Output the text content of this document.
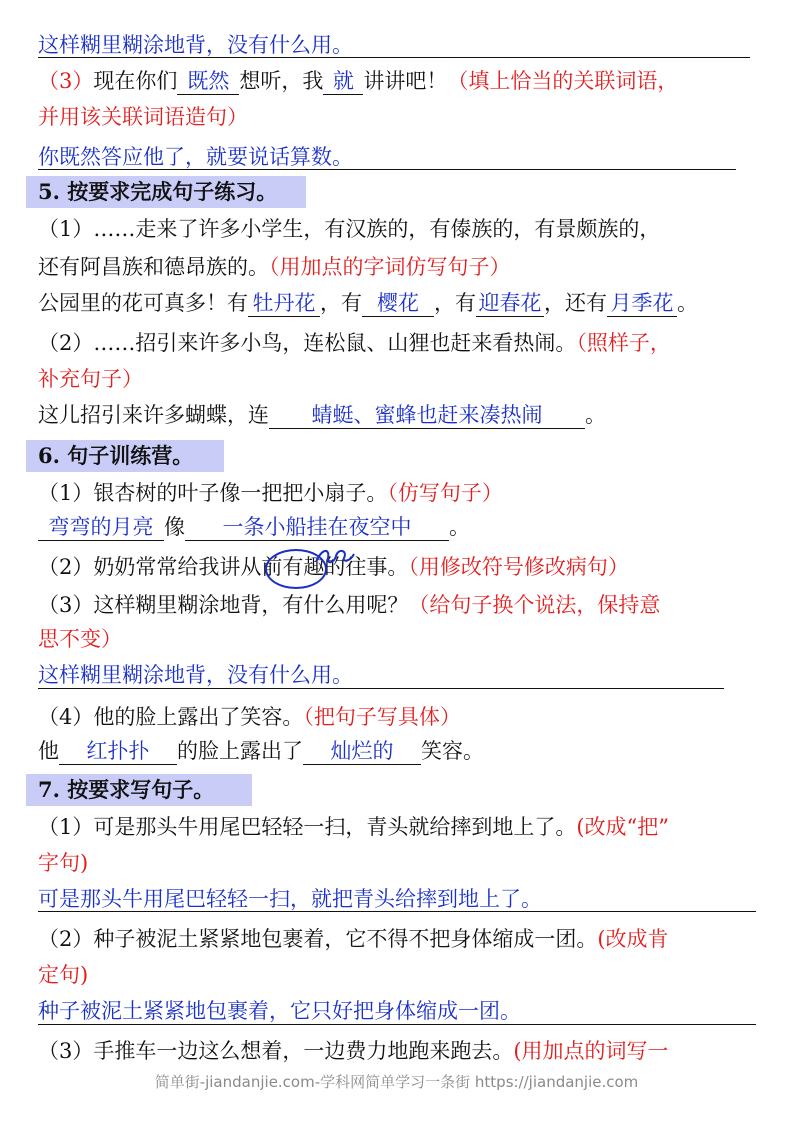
这样糊里糊涂地背，没有什么用。
（3）现在你们 既然 想听，我 就 讲讲吧！（填上恰当的关联词语，
并用该关联词语造句）
你既然答应他了，就要说话算数。
5. 按要求完成句子练习。
（1）……走来了许多小学生，有汉族的，有傣族的，有景颇族的，
还有阿昌族和德昂族的。（用加点的字词仿写句子）
公园里的花可真多！有 牡丹花 ，有 樱花 ，有 迎春花 ，还有 月季花 。
（2）……招引来许多小鸟，连松鼠、山狸也赶来看热闹。（照样子，
补充句子）
这儿招引来许多蝴蝶，连 蜻蜓、蜜蜂也赶来凑热闹 。
6. 句子训练营。
（1）银杏树的叶子像一把把小扇子。（仿写句子）
弯弯的月亮 像 一条小船挂在夜空中 。
（2）奶奶常常给我讲从前有趣的往事。（用修改符号修改病句）
（3）这样糊里糊涂地背，有什么用呢？（给句子换个说法，保持意
思不变）
这样糊里糊涂地背，没有什么用。
（4）他的脸上露出了笑容。（把句子写具体）
他 红扑扑 的脸上露出了 灿烂的 笑容。
7. 按要求写句子。
（1）可是那头牛用尾巴轻轻一扫，青头就给摔到地上了。(改成“把”
字句)
可是那头牛用尾巴轻轻一扫，就把青头给摔到地上了。
（2）种子被泥土紧紧地包裹着，它不得不把身体缩成一团。(改成肯
定句)
种子被泥土紧紧地包裹着，它只好把身体缩成一团。
（3）手推车一边这么想着，一边费力地跑来跑去。(用加点的词写一
简单街-jiandanjie.com-学科网简单学习一条街 https://jiandanjie.com
